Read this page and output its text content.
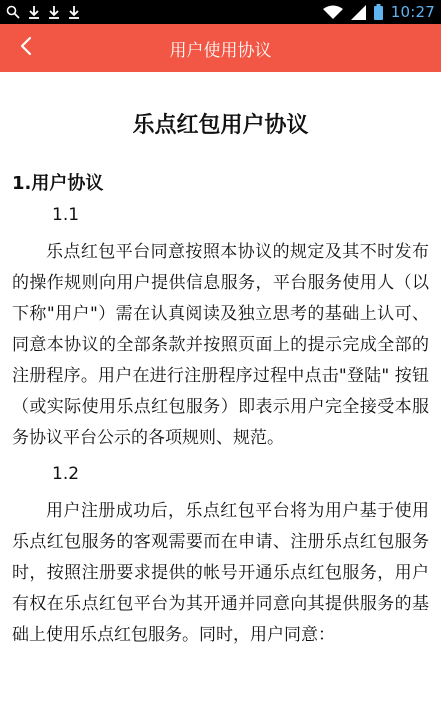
10:27
用户使用协议
乐点红包用户协议
1.用户协议
1.1

乐点红包平台同意按照本协议的规定及其不时发布的操作规则向用户提供信息服务，平台服务使用人（以下称"用户"）需在认真阅读及独立思考的基础上认可、同意本协议的全部条款并按照页面上的提示完成全部的注册程序。用户在进行注册程序过程中点击"登陆" 按钮（或实际使用乐点红包服务）即表示用户完全接受本服务协议平台公示的各项规则、规范。

1.2

用户注册成功后，乐点红包平台将为用户基于使用乐点红包服务的客观需要而在申请、注册乐点红包服务时，按照注册要求提供的帐号开通乐点红包服务，用户有权在乐点红包平台为其开通并同意向其提供服务的基础上使用乐点红包服务。同时，用户同意：
